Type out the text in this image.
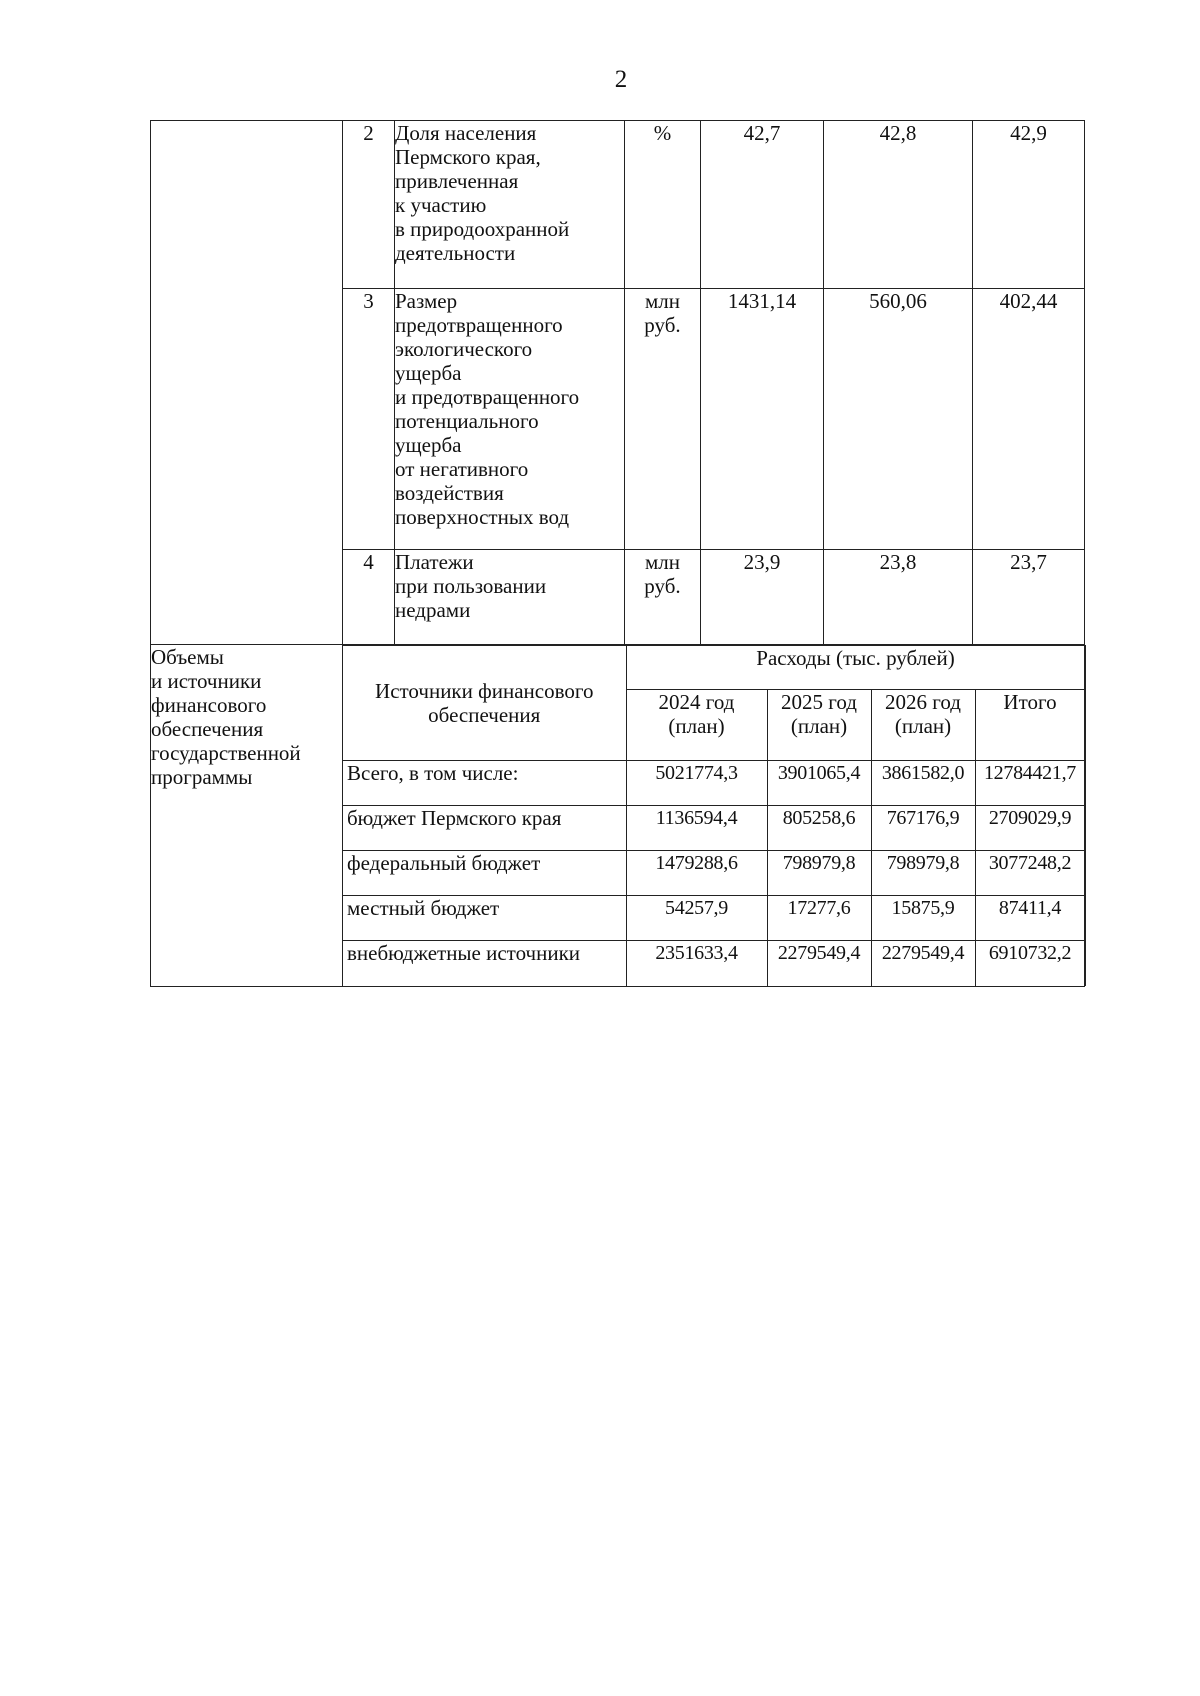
2
	2	Доля населения
Пермского края,
привлеченная
к участию
в природоохранной
деятельности

%	42,7	42,8	42,9
3	Размер
предотвращенного
экологического
ущерба
и предотвращенного
потенциального
ущерба
от негативного
воздействия
поверхностных вод

млн
руб.
	1431,14	560,06	402,44
4	Платежи
при пользовании
недрами

млн
руб.
	23,9	23,8	23,7

Объемы
и источники
финансового
обеспечения
государственной
программы

Источники финансового
обеспечения
	Расходы (тыс. рублей)

2024 год
(план)

2025 год
(план)

2026 год
(план)
	Итого
Всего, в том числе:	5021774,3	3901065,4	3861582,0	12784421,7
бюджет Пермского края	1136594,4	805258,6	767176,9	2709029,9
федеральный бюджет	1479288,6	798979,8	798979,8	3077248,2
местный бюджет	54257,9	17277,6	15875,9	87411,4
внебюджетные источники	2351633,4	2279549,4	2279549,4	6910732,2
